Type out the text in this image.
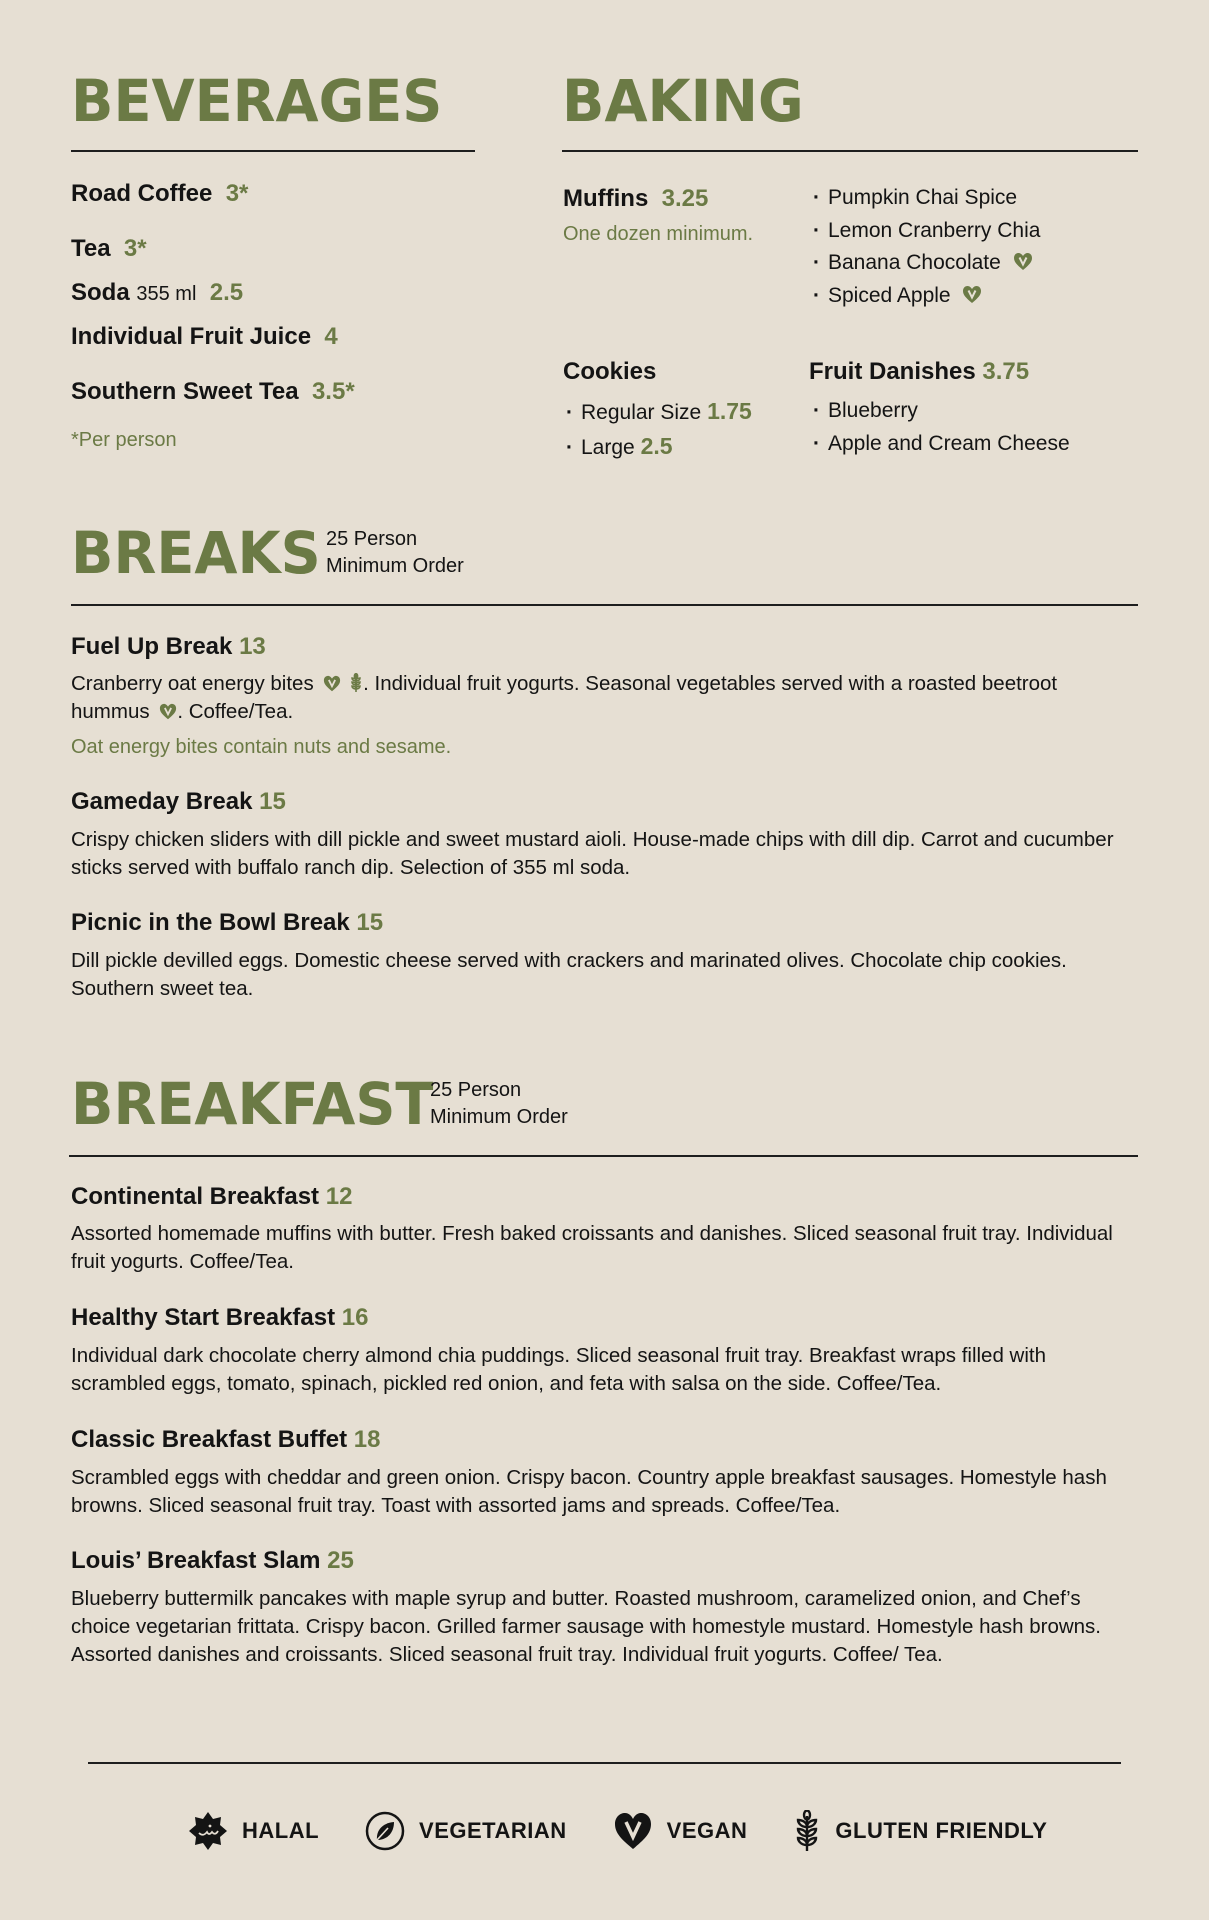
BEVERAGES
Road Coffee 3*
Tea 3*
Soda 355 ml 2.5
Individual Fruit Juice 4
Southern Sweet Tea 3.5*
*Per person
BAKING
Muffins 3.25
One dozen minimum.
· Pumpkin Chai Spice
· Lemon Cranberry Chia
· Banana Chocolate
· Spiced Apple
Cookies
· Regular Size 1.75
· Large 2.5
Fruit Danishes 3.75
· Blueberry
· Apple and Cream Cheese
BREAKS 25 Person
Minimum Order
Fuel Up Break 13
Cranberry oat energy bites . Individual fruit yogurts. Seasonal vegetables served with a roasted beetroot hummus . Coffee/Tea.
Oat energy bites contain nuts and sesame.
Gameday Break 15
Crispy chicken sliders with dill pickle and sweet mustard aioli. House-made chips with dill dip. Carrot and cucumber sticks served with buffalo ranch dip. Selection of 355 ml soda.
Picnic in the Bowl Break 15
Dill pickle devilled eggs. Domestic cheese served with crackers and marinated olives. Chocolate chip cookies. Southern sweet tea.
BREAKFAST
25 Person
Minimum Order
Continental Breakfast 12
Assorted homemade muffins with butter. Fresh baked croissants and danishes. Sliced seasonal fruit tray. Individual fruit yogurts. Coffee/Tea.
Healthy Start Breakfast 16
Individual dark chocolate cherry almond chia puddings. Sliced seasonal fruit tray. Breakfast wraps filled with scrambled eggs, tomato, spinach, pickled red onion, and feta with salsa on the side. Coffee/Tea.
Classic Breakfast Buffet 18
Scrambled eggs with cheddar and green onion. Crispy bacon. Country apple breakfast sausages. Homestyle hash browns. Sliced seasonal fruit tray. Toast with assorted jams and spreads. Coffee/Tea.
Louis’ Breakfast Slam 25
Blueberry buttermilk pancakes with maple syrup and butter. Roasted mushroom, caramelized onion, and Chef’s choice vegetarian frittata. Crispy bacon. Grilled farmer sausage with homestyle mustard. Homestyle hash browns. Assorted danishes and croissants. Sliced seasonal fruit tray. Individual fruit yogurts. Coffee/ Tea.
HALAL	VEGETARIAN	VEGAN	GLUTEN FRIENDLY
